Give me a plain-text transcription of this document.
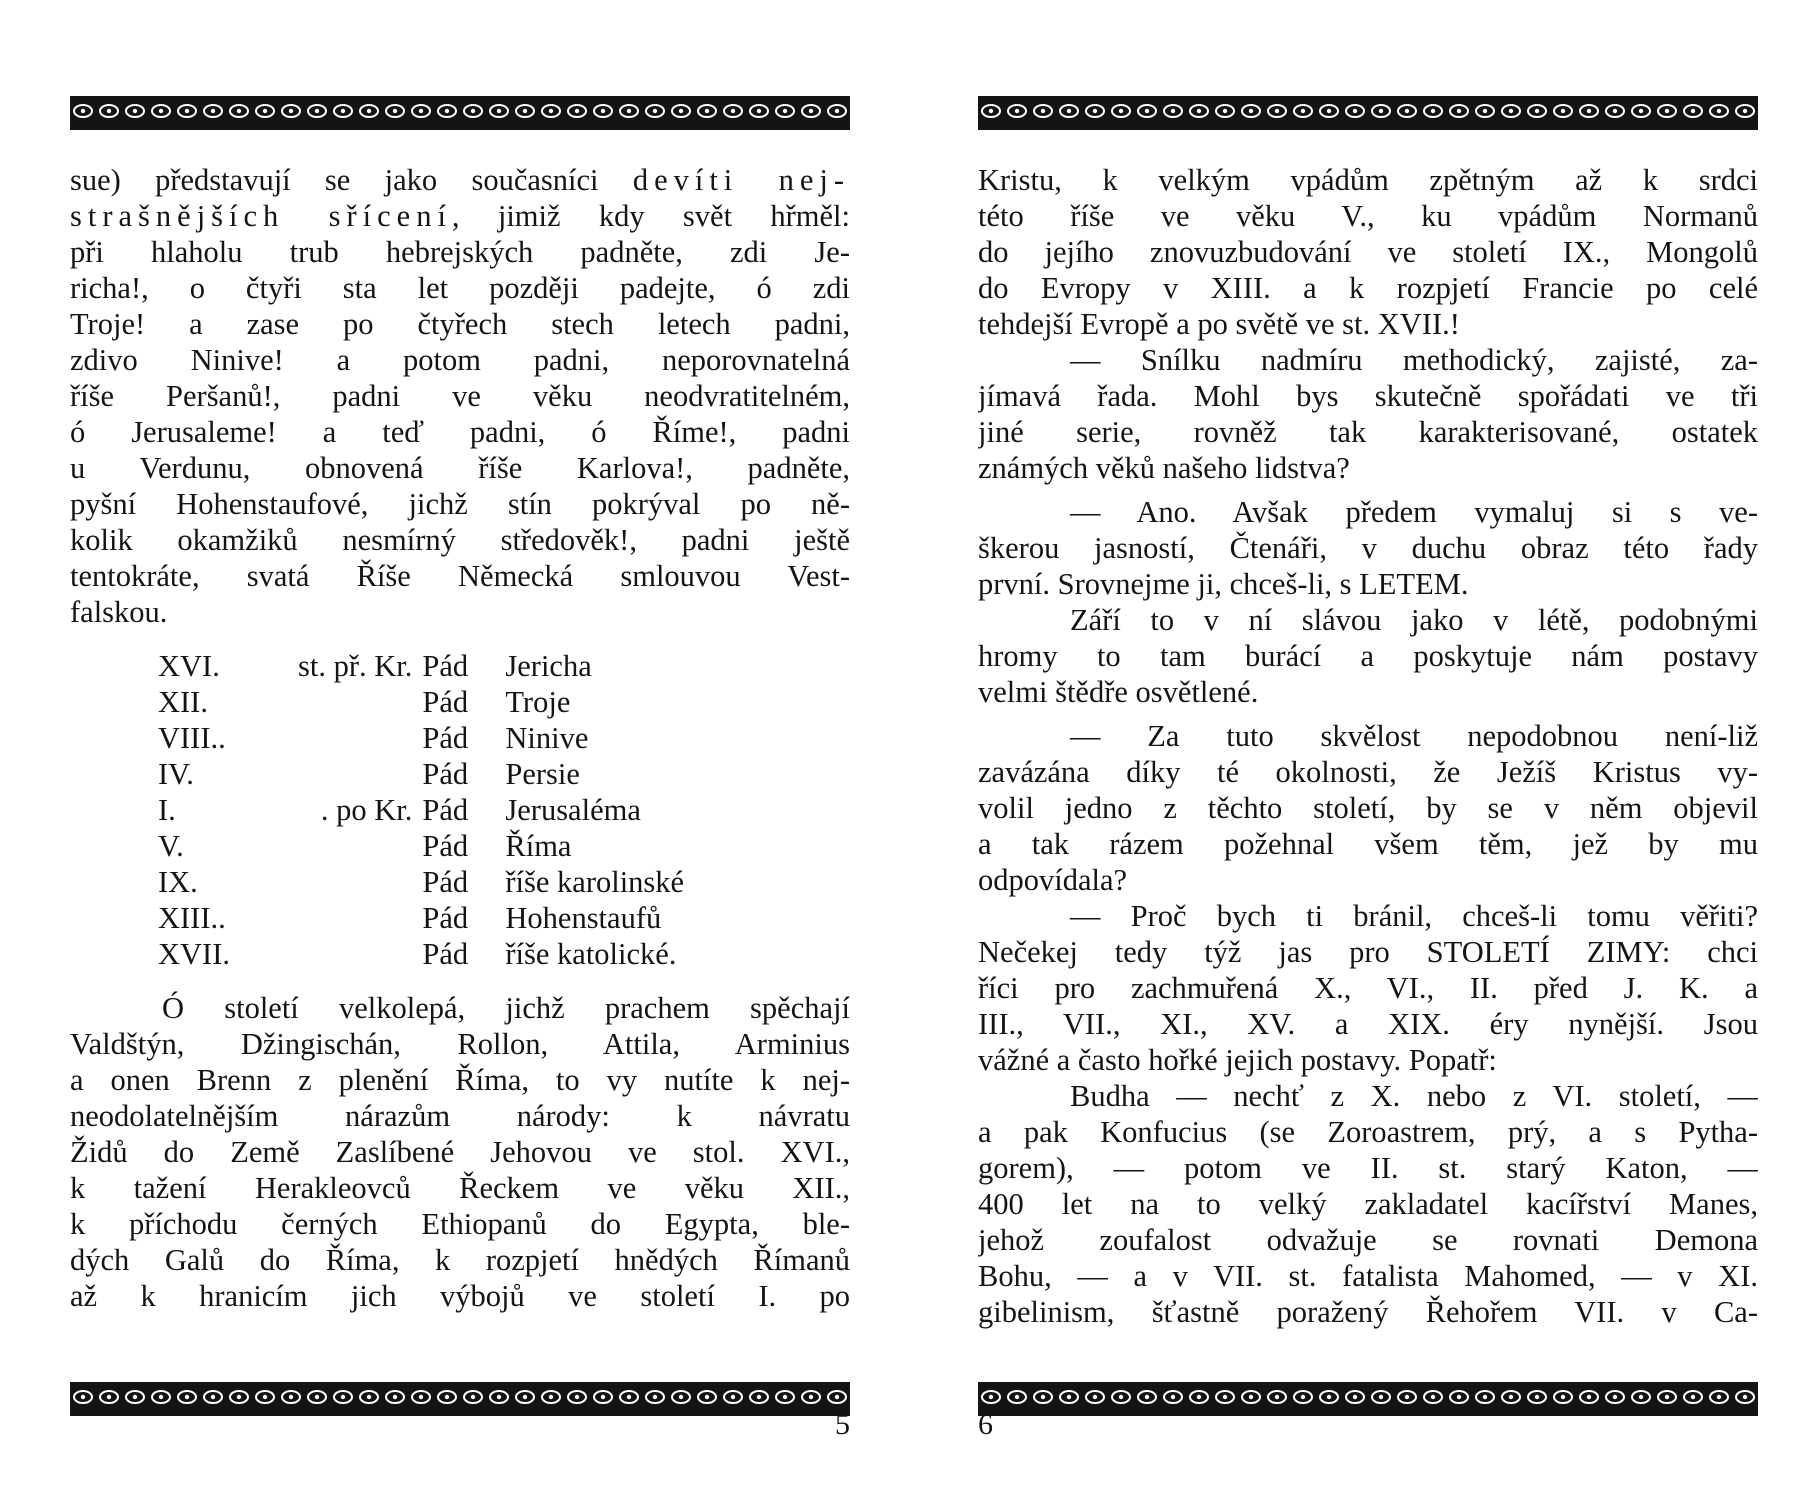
sue) představují se jako současníci devíti nej-
strašnějších sřícení, jimiž kdy svět hřměl:
při hlaholu trub hebrejských padněte, zdi Je-
richa!, o čtyři sta let později padejte, ó zdi
Troje! a zase po čtyřech stech letech padni,
zdivo Ninive! a potom padni, neporovnatelná
říše Peršanů!, padni ve věku neodvratitelném,
ó Jerusaleme! a teď padni, ó Říme!, padni
u Verdunu, obnovená říše Karlova!, padněte,
pyšní Hohenstaufové, jichž stín pokrýval po ně-
kolik okamžiků nesmírný středověk!, padni ještě
tentokráte, svatá Říše Německá smlouvou Vest-
falskou.
XVI.	st. př. Kr.	Pád	Jericha
XII.		Pád	Troje
VIII..		Pád	Ninive
IV.		Pád	Persie
I.	. po Kr.	Pád	Jerusaléma
V.		Pád	Říma
IX.		Pád	říše karolinské
XIII..		Pád	Hohenstaufů
XVII.		Pád	říše katolické.
Ó století velkolepá, jichž prachem spěchají
Valdštýn, Džingischán, Rollon, Attila, Arminius
a onen Brenn z plenění Říma, to vy nutíte k nej-
neodolatelnějším nárazům národy: k návratu
Židů do Země Zaslíbené Jehovou ve stol. XVI.,
k tažení Herakleovců Řeckem ve věku XII.,
k příchodu černých Ethiopanů do Egypta, ble-
dých Galů do Říma, k rozpjetí hnědých Římanů
až k hranicím jich výbojů ve století I. po
5
Kristu, k velkým vpádům zpětným až k srdci
této říše ve věku V., ku vpádům Normanů
do jejího znovuzbudování ve století IX., Mongolů
do Evropy v XIII. a k rozpjetí Francie po celé
tehdejší Evropě a po světě ve st. XVII.!
— Snílku nadmíru methodický, zajisté, za-
jímavá řada. Mohl bys skutečně spořádati ve tři
jiné serie, rovněž tak karakterisované, ostatek
známých věků našeho lidstva?
— Ano. Avšak předem vymaluj si s ve-
škerou jasností, Čtenáři, v duchu obraz této řady
první. Srovnejme ji, chceš-li, s LETEM.
Září to v ní slávou jako v létě, podobnými
hromy to tam burácí a poskytuje nám postavy
velmi štědře osvětlené.
— Za tuto skvělost nepodobnou není-liž
zavázána díky té okolnosti, že Ježíš Kristus vy-
volil jedno z těchto století, by se v něm objevil
a tak rázem požehnal všem těm, jež by mu
odpovídala?
— Proč bych ti bránil, chceš-li tomu věřiti?
Nečekej tedy týž jas pro STOLETÍ ZIMY: chci
říci pro zachmuřená X., VI., II. před J. K. a
III., VII., XI., XV. a XIX. éry nynější. Jsou
vážné a často hořké jejich postavy. Popatř:
Budha — nechť z X. nebo z VI. století, —
a pak Konfucius (se Zoroastrem, prý, a s Pytha-
gorem), — potom ve II. st. starý Katon, —
400 let na to velký zakladatel kacířství Manes,
jehož zoufalost odvažuje se rovnati Demona
Bohu, — a v VII. st. fatalista Mahomed, — v XI.
gibelinism, šťastně poražený Řehořem VII. v Ca-
6
